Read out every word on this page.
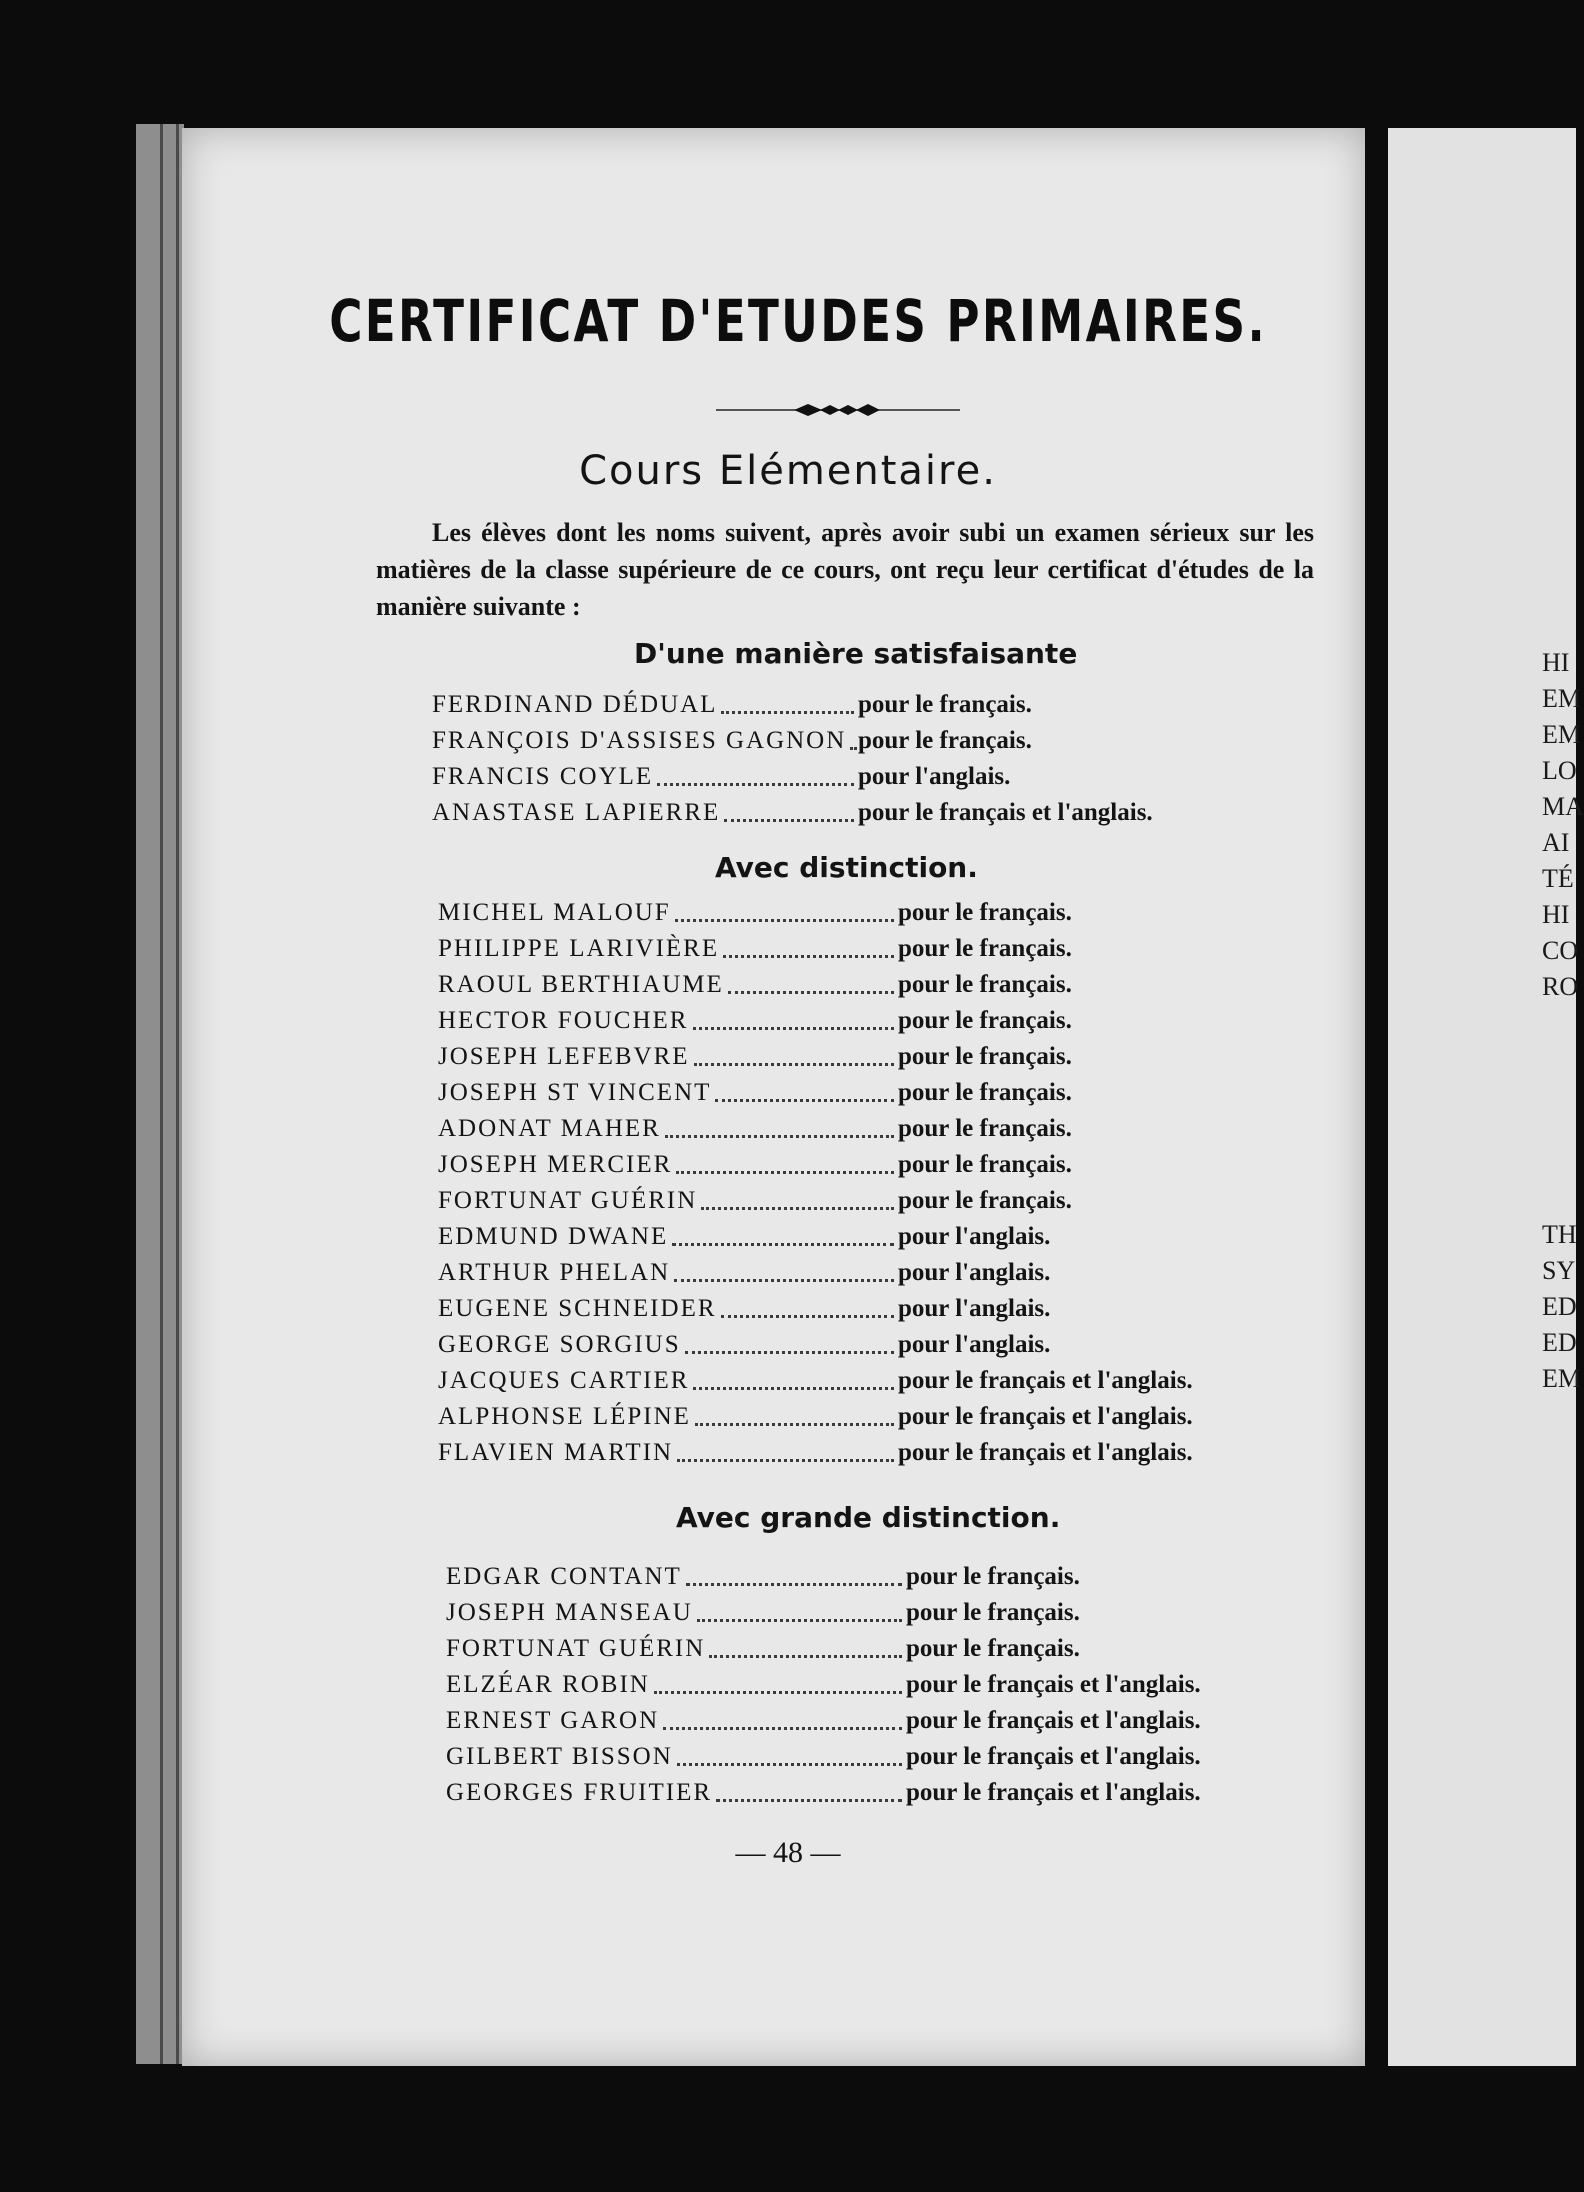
HI
EM
EM
LO
MA
AI
TÉ
HI
CO
RO
TH
SY
ED
ED
EM
CERTIFICAT D'ETUDES PRIMAIRES.
Cours Elémentaire.
Les élèves dont les noms suivent, après avoir subi un examen sérieux sur les matières de la classe supérieure de ce cours, ont reçu leur certificat d'études de la manière suivante :
D'une manière satisfaisante
FERDINAND DÉDUAL	pour le français.
FRANÇOIS D'ASSISES GAGNON pour le français.
FRANCIS COYLE	pour l'anglais.
ANASTASE LAPIERRE	pour le français et l'anglais.
Avec distinction.
MICHEL MALOUF	pour le français.
PHILIPPE LARIVIÈRE	pour le français.
RAOUL BERTHIAUME	pour le français.
HECTOR FOUCHER	pour le français.
JOSEPH LEFEBVRE	pour le français.
JOSEPH ST VINCENT	pour le français.
ADONAT MAHER	pour le français.
JOSEPH MERCIER	pour le français.
FORTUNAT GUÉRIN	pour le français.
EDMUND DWANE	pour l'anglais.
ARTHUR PHELAN	pour l'anglais.
EUGENE SCHNEIDER	pour l'anglais.
GEORGE SORGIUS	pour l'anglais.
JACQUES CARTIER	pour le français et l'anglais.
ALPHONSE LÉPINE	pour le français et l'anglais.
FLAVIEN MARTIN	pour le français et l'anglais.
Avec grande distinction.
EDGAR CONTANT	pour le français.
JOSEPH MANSEAU	pour le français.
FORTUNAT GUÉRIN	pour le français.
ELZÉAR ROBIN	pour le français et l'anglais.
ERNEST GARON	pour le français et l'anglais.
GILBERT BISSON	pour le français et l'anglais.
GEORGES FRUITIER	pour le français et l'anglais.
— 48 —
